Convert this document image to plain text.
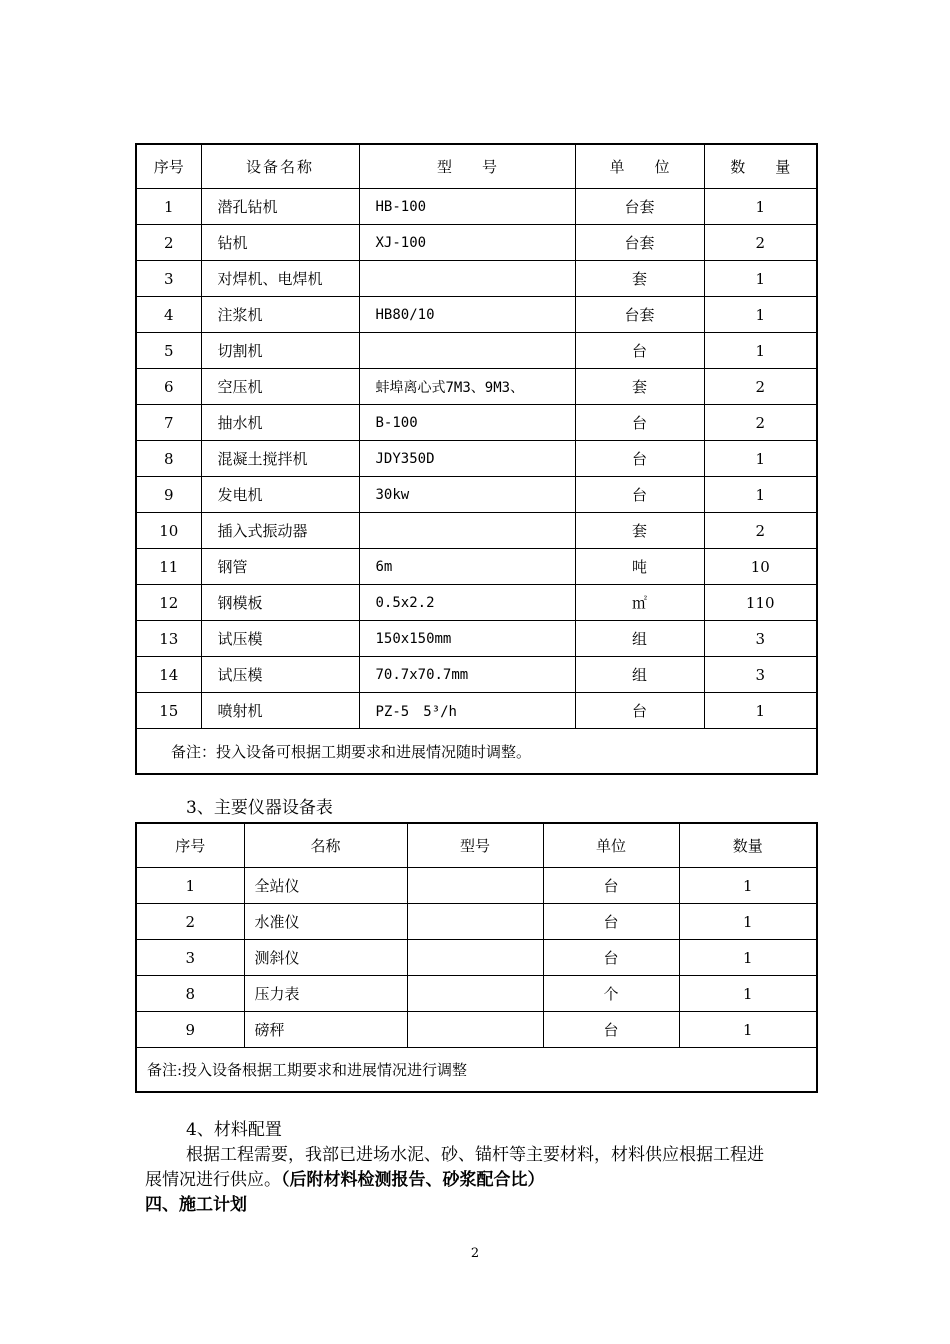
序号	设备名称	型　　号	单　　位	数　　量
1	潜孔钻机	HB-100	台套	1
2	钻机	XJ-100	台套	2
3	对焊机、电焊机		套	1
4	注浆机	HB80/10	台套	1
5	切割机		台	1
6	空压机	蚌埠离心式7M3、9M3、	套	2
7	抽水机	B-100	台	2
8	混凝土搅拌机	JDY350D	台	1
9	发电机	30kw	台	1
10	插入式振动器		套	2
11	钢管	6m	吨	10
12	钢模板	0.5x2.2	㎡	110
13	试压模	150x150mm	组	3
14	试压模	70.7x70.7mm	组	3
15	喷射机	PZ-5　5³/h	台	1
备注：投入设备可根据工期要求和进展情况随时调整。				
3、主要仪器设备表
序号	名称	型号	单位	数量
1	全站仪		台	1
2	水准仪		台	1
3	测斜仪		台	1
8	压力表		个	1
9	磅秤		台	1
备注:投入设备根据工期要求和进展情况进行调整				
4、材料配置
根据工程需要，我部已进场水泥、砂、锚杆等主要材料，材料供应根据工程进
展情况进行供应。（后附材料检测报告、砂浆配合比）
四、施工计划
2
